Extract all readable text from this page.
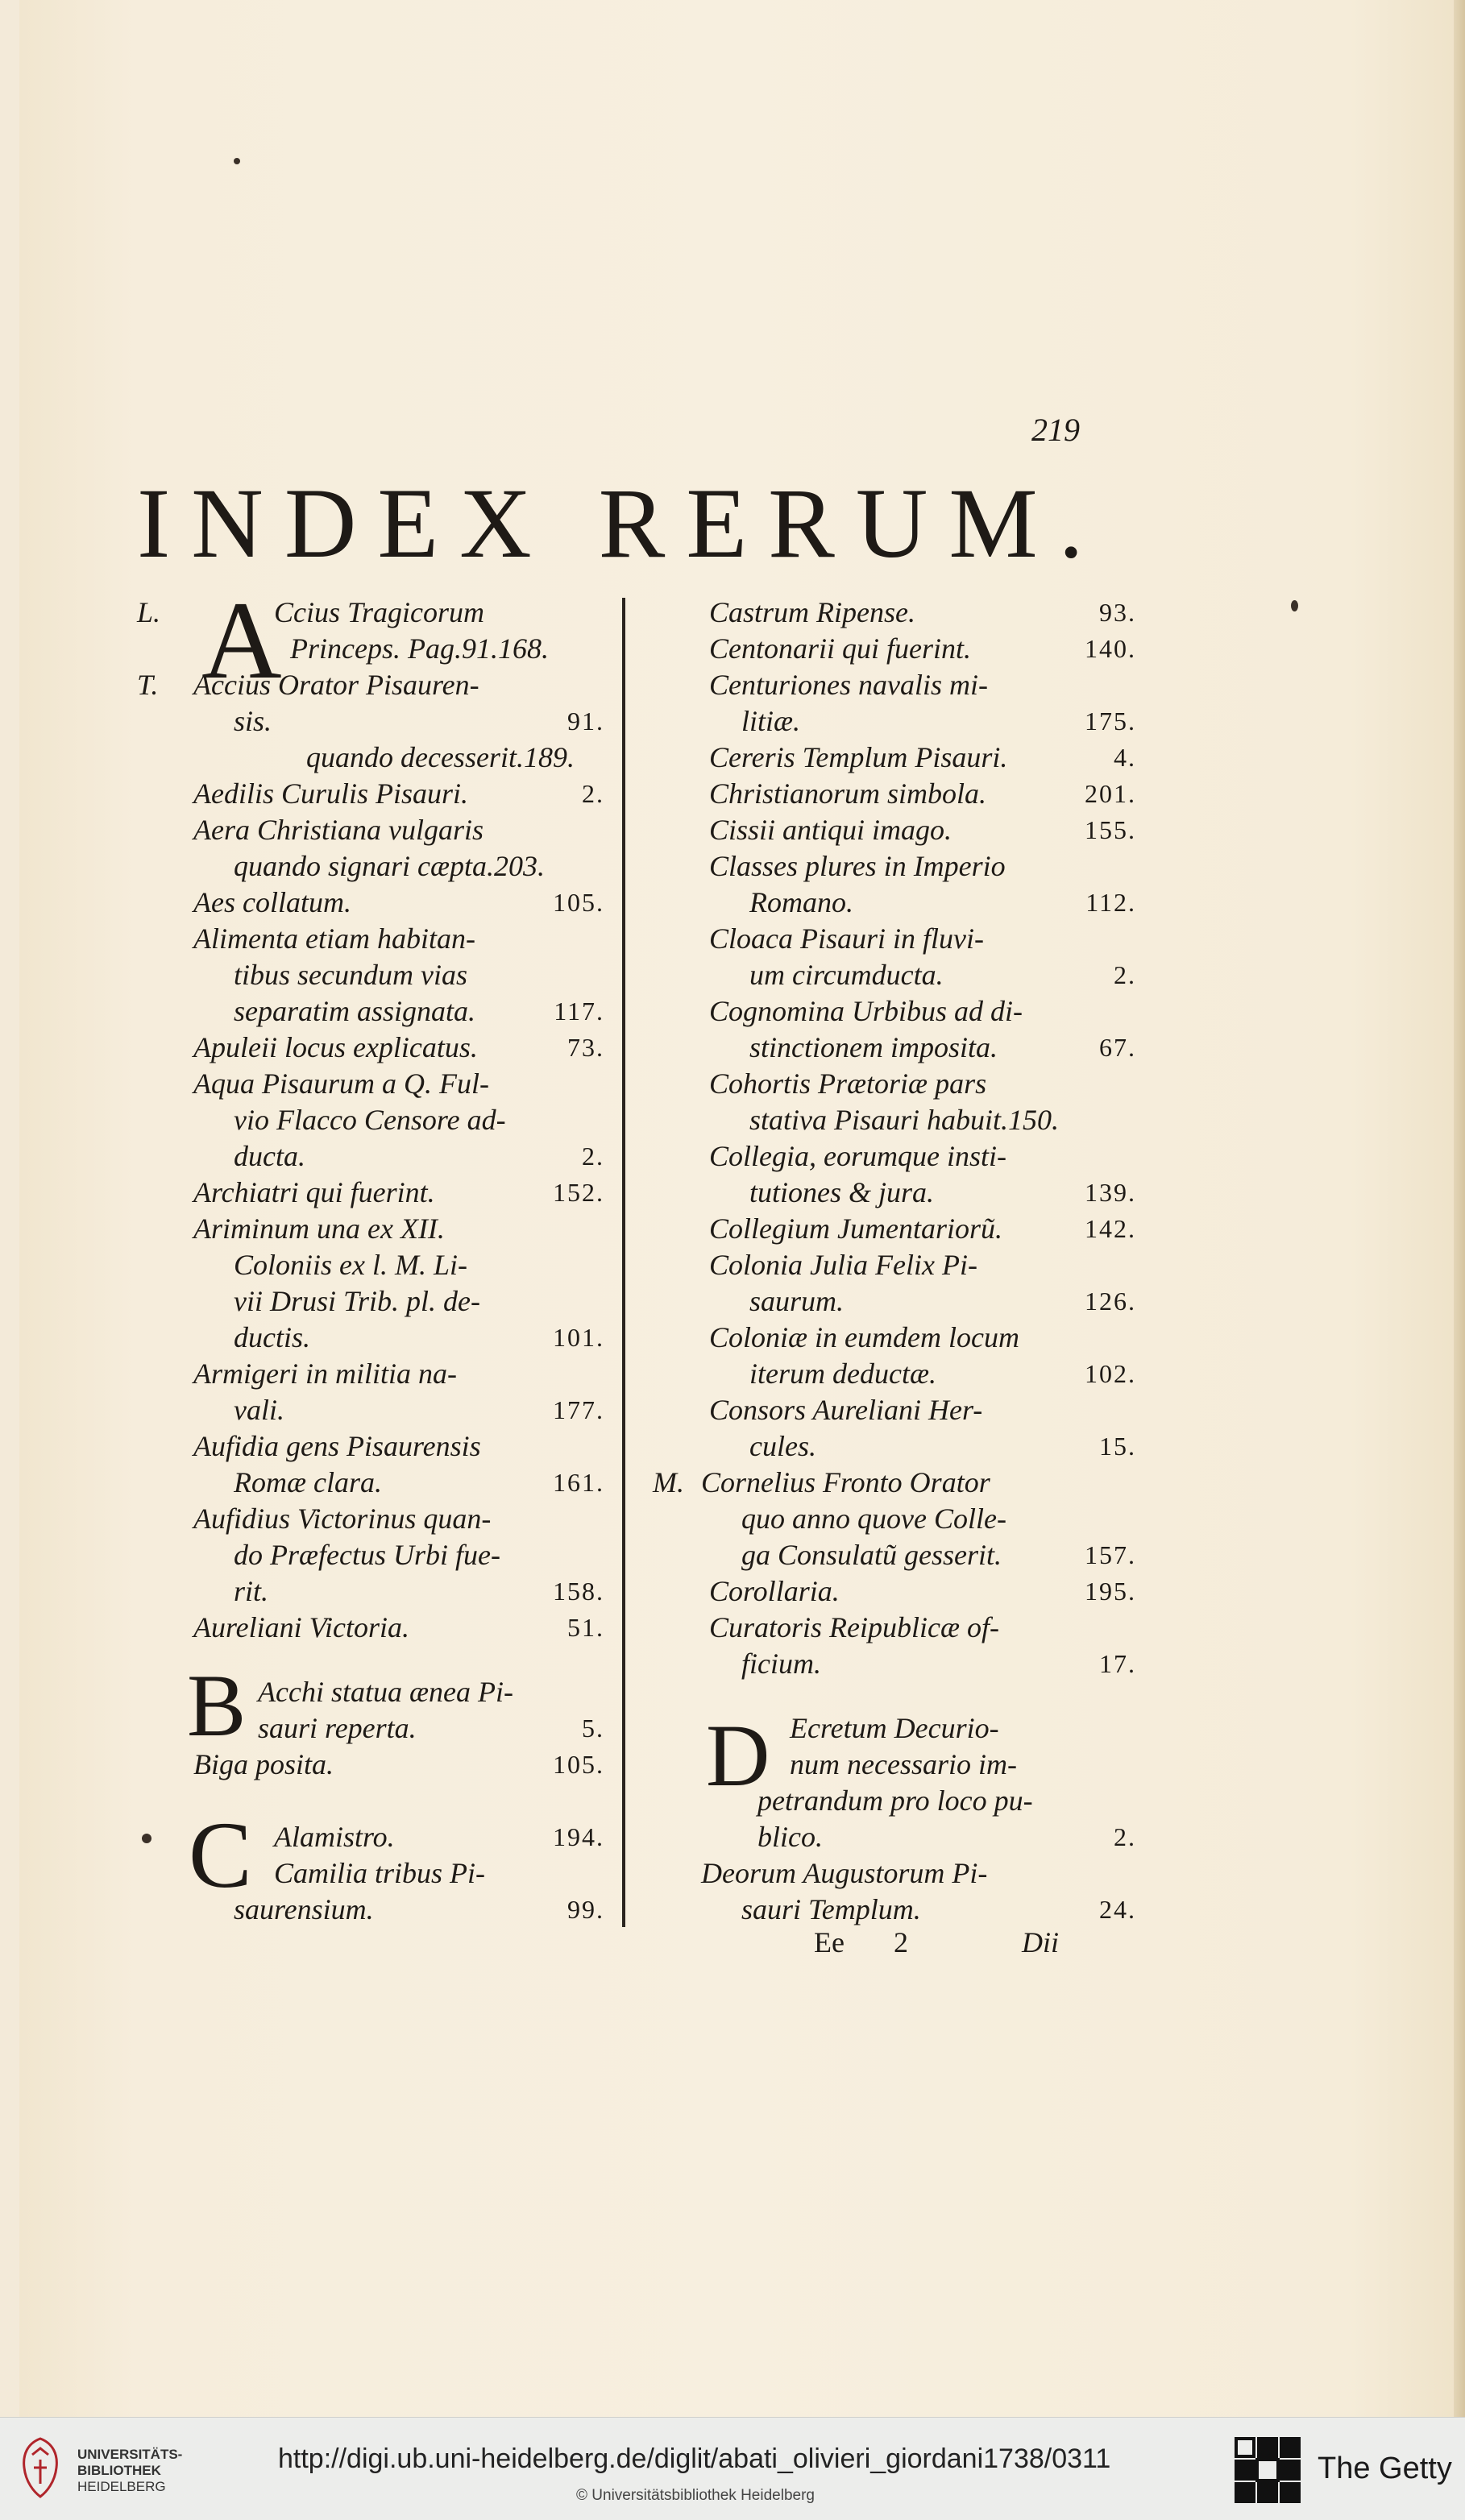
219
INDEX RERUM.
L.	Ccius Tragicorum
Princeps. Pag.91.168.
T. Accius Orator Pisauren-
sis.	91.
quando decesserit.189.
Aedilis Curulis Pisauri.	2.
Aera Christiana vulgaris
quando signari cæpta.203.
Aes collatum.	105.
Alimenta etiam habitan-
tibus secundum vias
separatim assignata.	117.
Apuleii locus explicatus.	73.
Aqua Pisaurum a Q. Ful-
vio Flacco Censore ad-
ducta.	2.
Archiatri qui fuerint.	152.
Ariminum una ex XII.
Coloniis ex l. M. Li-
vii Drusi Trib. pl. de-
ductis.	101.
Armigeri in militia na-
vali.	177.
Aufidia gens Pisaurensis
Romæ clara.	161.
Aufidius Victorinus quan-
do Præfectus Urbi fue-
rit.	158.
Aureliani Victoria.	51.
Acchi statua ænea Pi-
sauri reperta.	5.
Biga posita.	105.
Alamistro.	194.
Camilia tribus Pi-
saurensium.	99.
Castrum Ripense.	93.
Centonarii qui fuerint.	140.
Centuriones navalis mi-
litiæ.	175.
Cereris Templum Pisauri.	4.
Christianorum simbola.	201.
Cissii antiqui imago.	155.
Classes plures in Imperio
Romano.	112.
Cloaca Pisauri in fluvi-
um circumducta.	2.
Cognomina Urbibus ad di-
stinctionem imposita.	67.
Cohortis Prætoriæ pars
stativa Pisauri habuit.150.
Collegia, eorumque insti-
tutiones & jura.	139.
Collegium Jumentariorũ.	142.
Colonia Julia Felix Pi-
saurum.	126.
Coloniæ in eumdem locum
iterum deductæ.	102.
Consors Aureliani Her-
cules.	15.
M. Cornelius Fronto Orator
quo anno quove Colle-
ga Consulatũ gesserit.	157.
Corollaria.	195.
Curatoris Reipublicæ of-
ficium.	17.
Ecretum Decurio-
num necessario im-
petrandum pro loco pu-
blico.	2.
Deorum Augustorum Pi-
sauri Templum.	24.
A
B
C
D
Ee 2	Dii
UNIVERSITÄTS-
BIBLIOTHEK
HEIDELBERG
http://digi.ub.uni-heidelberg.de/diglit/abati_olivieri_giordani1738/0311
© Universitätsbibliothek Heidelberg
The Getty
